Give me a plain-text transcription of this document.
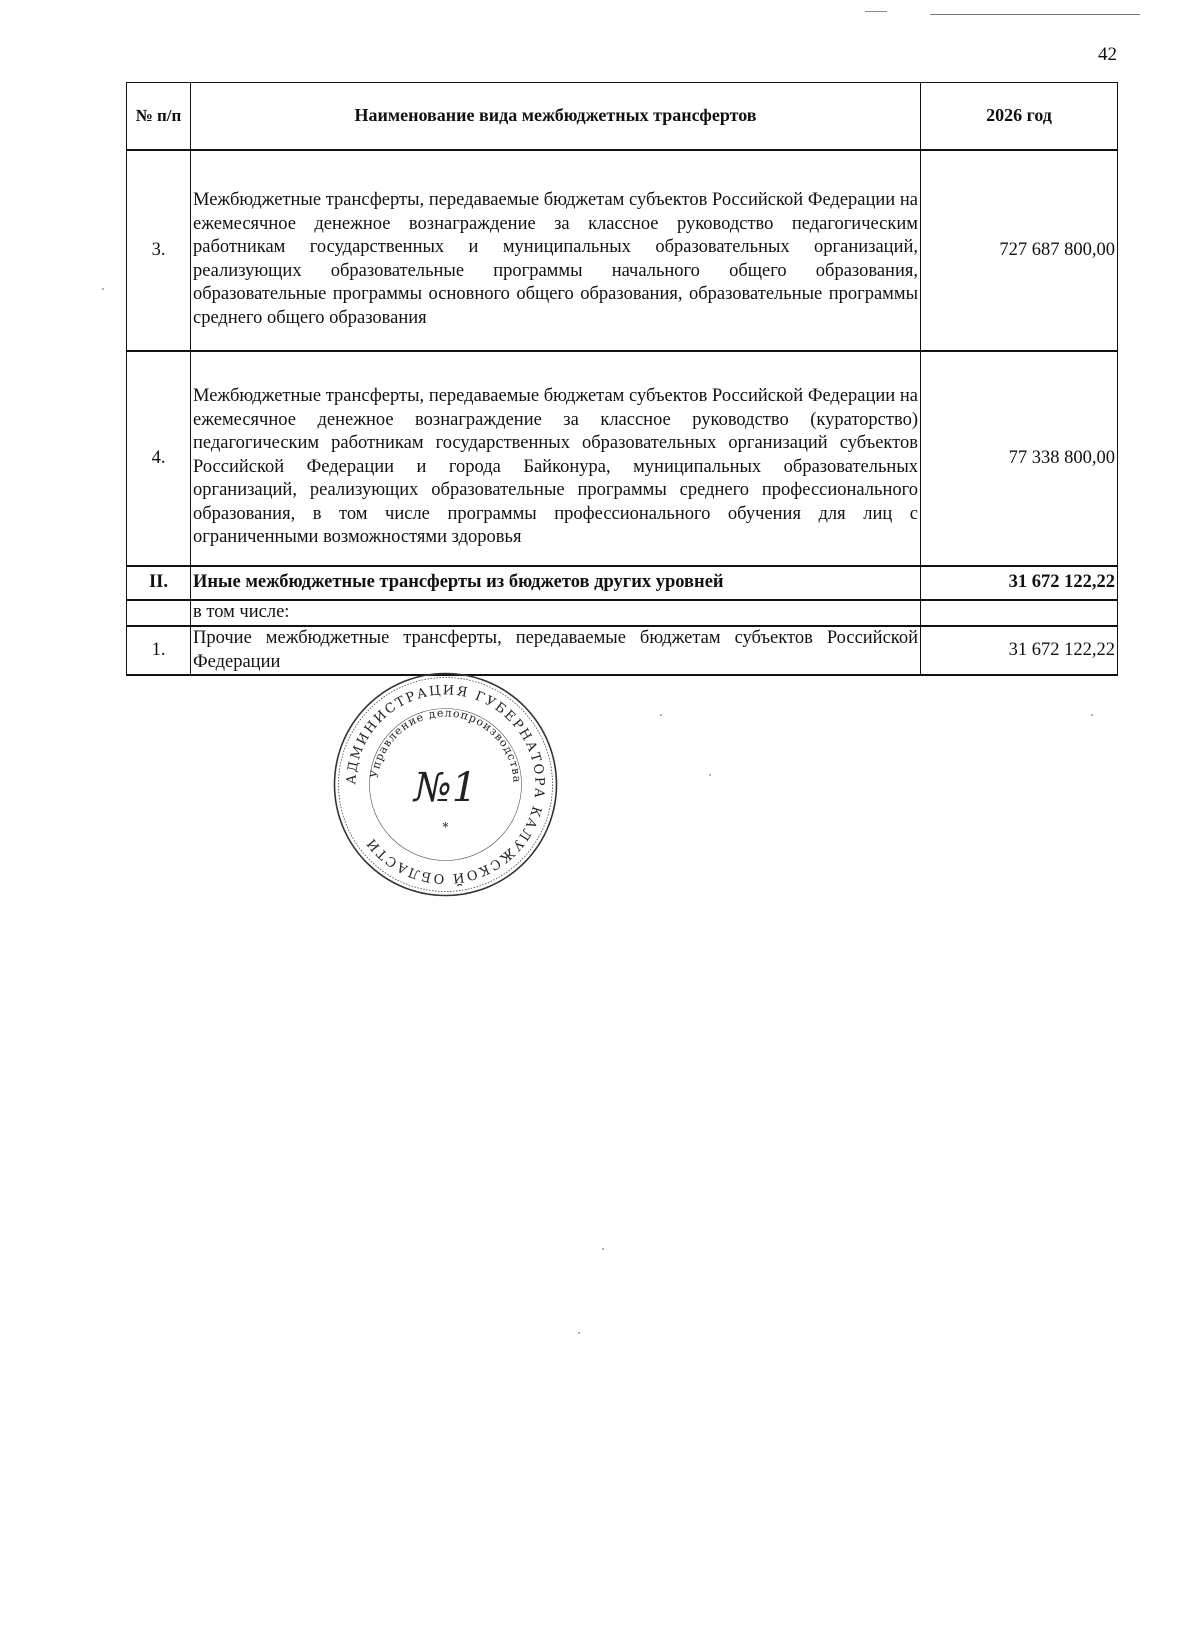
42
№ п/п	Наименование вида межбюджетных трансфертов	2026 год
3.	Межбюджетные трансферты, передаваемые бюджетам субъектов Российской Федерации на ежемесячное денежное вознаграждение за классное руководство педагогическим работникам государственных и муниципальных образовательных организаций, реализующих образовательные программы начального общего образования, образовательные программы основного общего образования, образовательные программы среднего общего образования	727 687 800,00
4.	Межбюджетные трансферты, передаваемые бюджетам субъектов Российской Федерации на ежемесячное денежное вознаграждение за классное руководство (кураторство) педагогическим работникам государственных образовательных организаций субъектов Российской Федерации и города Байконура, муниципальных образовательных организаций, реализующих образовательные программы среднего профессионального образования, в том числе программы профессионального обучения для лиц с ограниченными возможностями здоровья	77 338 800,00
II.	Иные межбюджетные трансферты из бюджетов других уровней	31 672 122,22
	в том числе:	
1.	Прочие межбюджетные трансферты, передаваемые бюджетам субъектов Российской Федерации	31 672 122,22
АДМИНИСТРАЦИЯ ГУБЕРНАТОРА КАЛУЖСКОЙ ОБЛАСТИ
Управление делопроизводства
№1
*
